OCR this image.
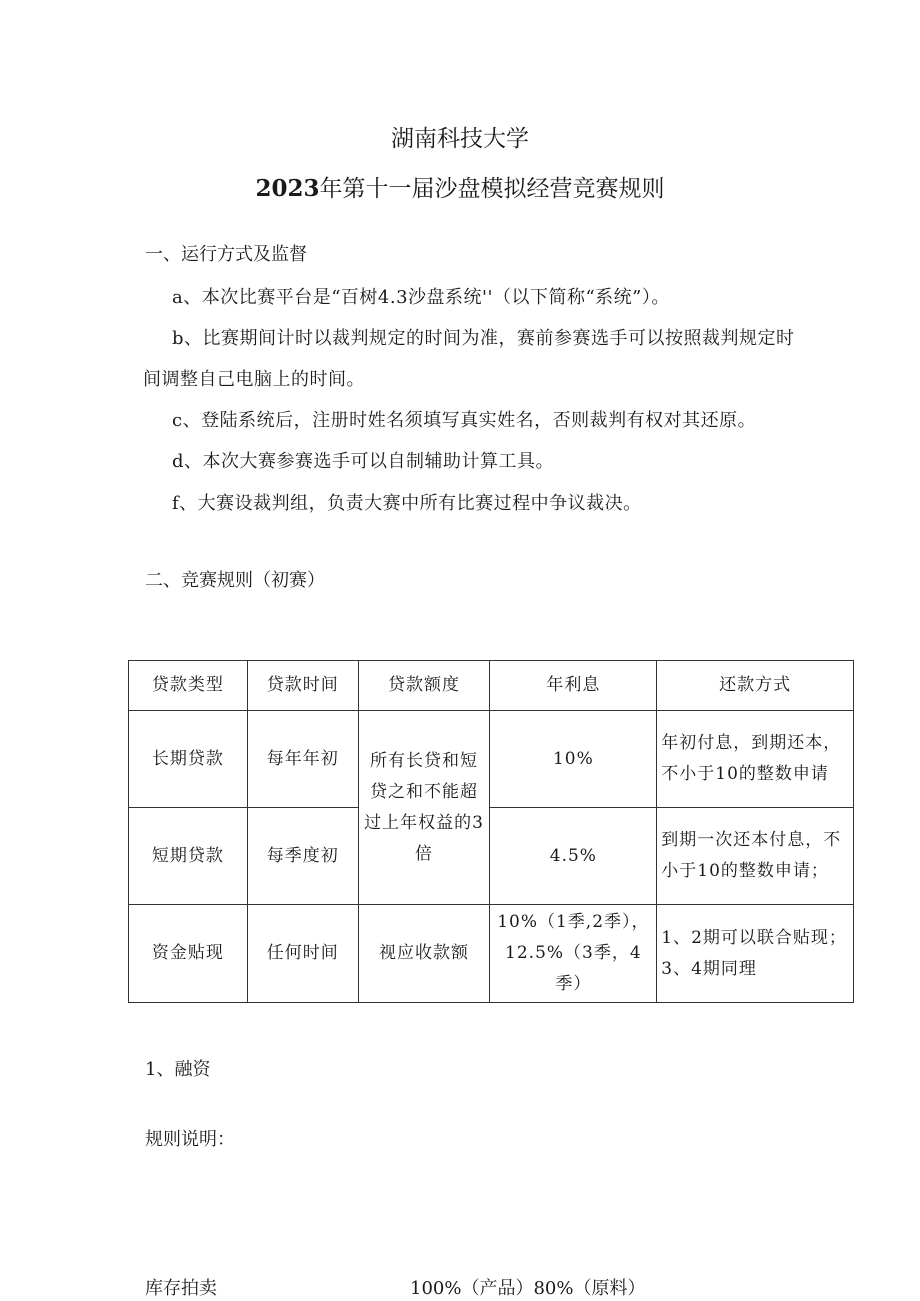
湖南科技大学
2023年第十一届沙盘模拟经营竞赛规则
一、运行方式及监督
a、本次比赛平台是“百树4.3沙盘系统''（以下简称“系统”）。
b、比赛期间计时以裁判规定的时间为准，赛前参赛选手可以按照裁判规定时
间调整自己电脑上的时间。
c、登陆系统后，注册时姓名须填写真实姓名，否则裁判有权对其还原。
d、本次大赛参赛选手可以自制辅助计算工具。
f、大赛设裁判组，负责大赛中所有比赛过程中争议裁决。
二、竞赛规则（初赛）
贷款类型	贷款时间	贷款额度	年利息	还款方式
长期贷款	每年年初	所有长贷和短贷之和不能超过上年权益的3倍	10%	年初付息，到期还本，不小于10的整数申请
短期贷款	每季度初		4.5%	到期一次还本付息，不小于10的整数申请；
资金贴现	任何时间	视应收款额	10%（1季,2季），12.5%（3季，4季）	1、2期可以联合贴现；3、4期同理
1、融资
规则说明：
库存拍卖	100%（产品）80%（原料）
